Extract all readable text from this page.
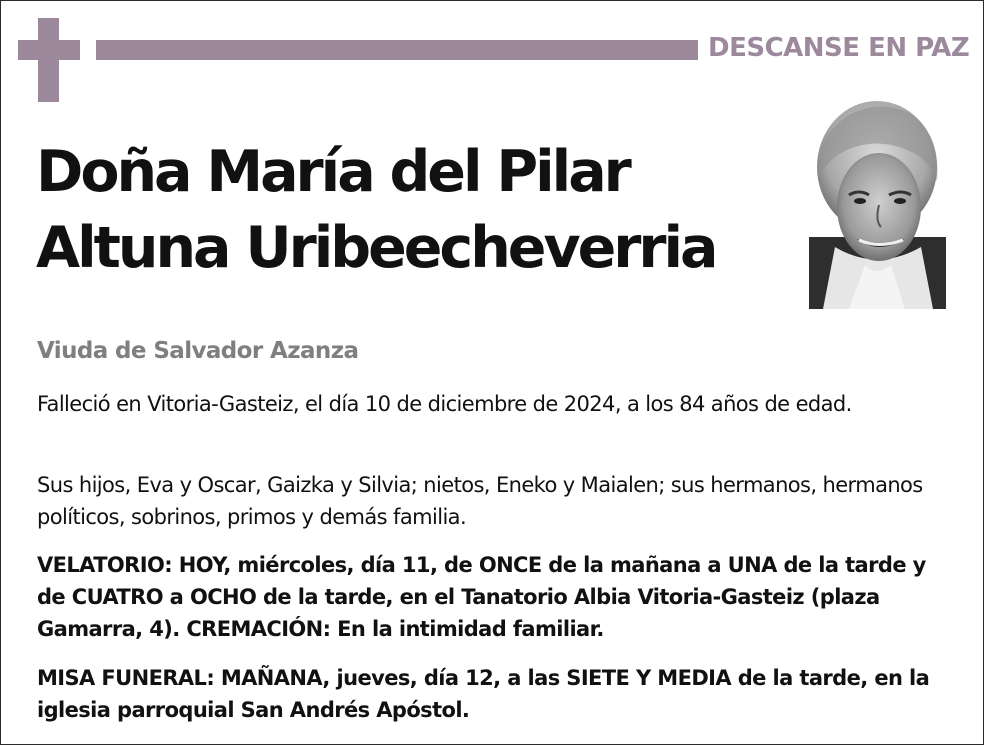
DESCANSE EN PAZ
Doña María del Pilar
Altuna Uribeecheverria
Viuda de Salvador Azanza

Falleció en Vitoria-Gasteiz, el día 10 de diciembre de 2024, a los 84 años de edad.

Sus hijos, Eva y Oscar, Gaizka y Silvia; nietos, Eneko y Maialen; sus hermanos, hermanos políticos, sobrinos, primos y demás familia.

VELATORIO: HOY, miércoles, día 11, de ONCE de la mañana a UNA de la tarde y de CUATRO a OCHO de la tarde, en el Tanatorio Albia Vitoria-Gasteiz (plaza Gamarra, 4). CREMACIÓN: En la intimidad familiar.

MISA FUNERAL: MAÑANA, jueves, día 12, a las SIETE Y MEDIA de la tarde, en la iglesia parroquial San Andrés Apóstol.
